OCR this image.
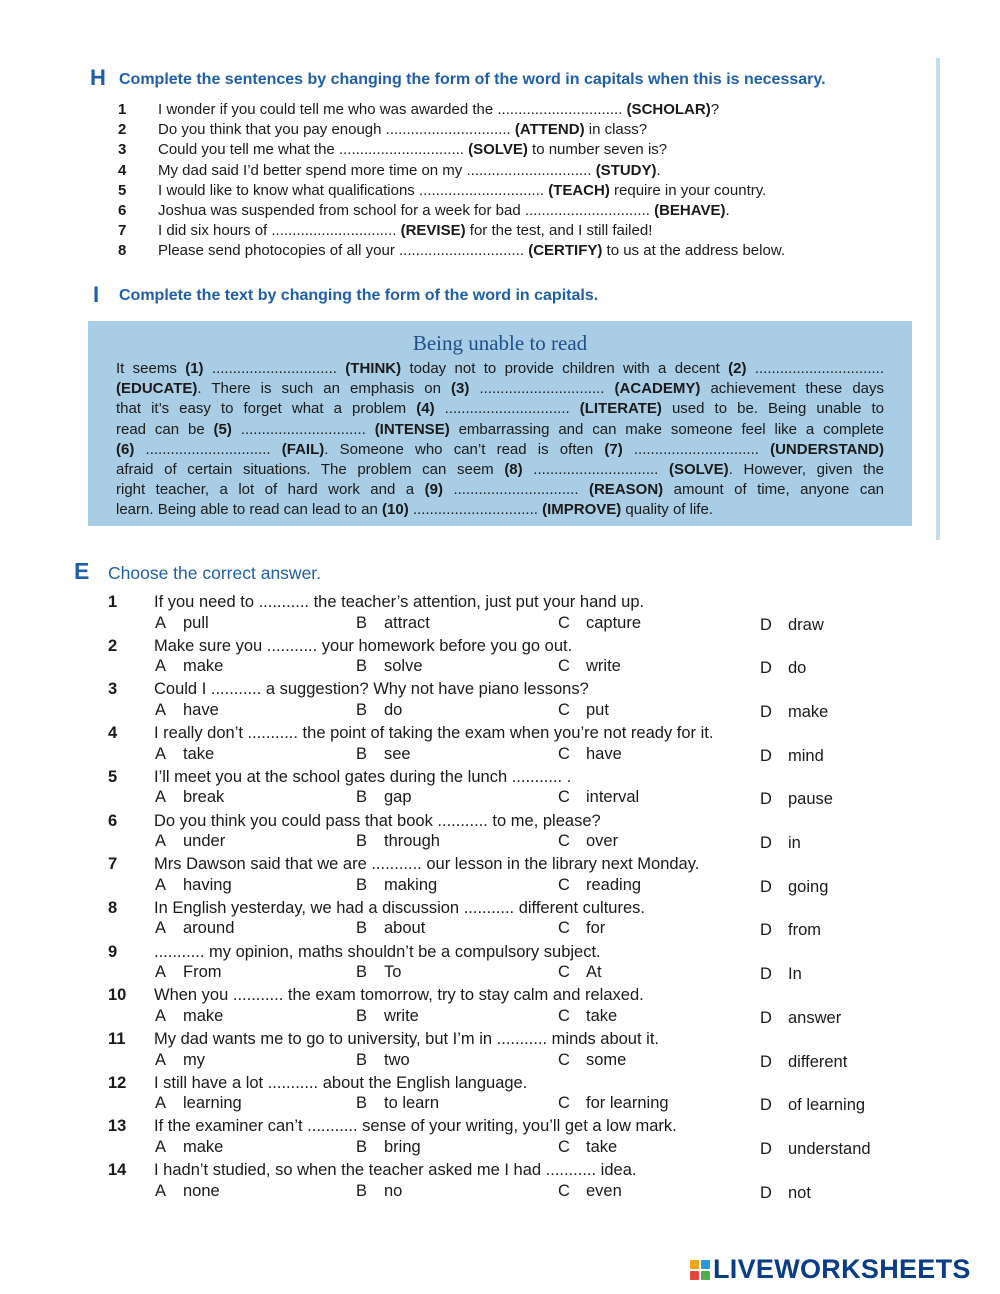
H Complete the sentences by changing the form of the word in capitals when this is necessary.
1 I wonder if you could tell me who was awarded the .............................. (SCHOLAR)?
2 Do you think that you pay enough .............................. (ATTEND) in class?
3 Could you tell me what the .............................. (SOLVE) to number seven is?
4 My dad said I’d better spend more time on my .............................. (STUDY).
5 I would like to know what qualifications .............................. (TEACH) require in your country.
6 Joshua was suspended from school for a week for bad .............................. (BEHAVE).
7 I did six hours of .............................. (REVISE) for the test, and I still failed!
8 Please send photocopies of all your .............................. (CERTIFY) to us at the address below.
I Complete the text by changing the form of the word in capitals.
Being unable to read
It seems (1) .............................. (THINK) today not to provide children with a decent (2) ...............................
(EDUCATE). There is such an emphasis on (3) .............................. (ACADEMY) achievement these days
that it’s easy to forget what a problem (4) .............................. (LITERATE) used to be. Being unable to
read can be (5) .............................. (INTENSE) embarrassing and can make someone feel like a complete
(6) .............................. (FAIL). Someone who can’t read is often (7) .............................. (UNDERSTAND)
afraid of certain situations. The problem can seem (8) .............................. (SOLVE). However, given the
right teacher, a lot of hard work and a (9) .............................. (REASON) amount of time, anyone can
learn. Being able to read can lead to an (10) .............................. (IMPROVE) quality of life.
E Choose the correct answer.
1 If you need to ........... the teacher’s attention, just put your hand up.
A pull	B attract	C capture	D draw
2 Make sure you ........... your homework before you go out.
A make	B solve	C write	D do
3 Could I ........... a suggestion? Why not have piano lessons?
A have	B do	C put	D make
4 I really don’t ........... the point of taking the exam when you’re not ready for it.
A take	B see	C have	D mind
5 I’ll meet you at the school gates during the lunch ........... .
A break	B gap	C interval	D pause
6 Do you think you could pass that book ........... to me, please?
A under	B through	C over	D in
7 Mrs Dawson said that we are ........... our lesson in the library next Monday.
A having	B making	C reading	D going
8 In English yesterday, we had a discussion ........... different cultures.
A around	B about	C for	D from
9 ........... my opinion, maths shouldn’t be a compulsory subject.
A From	B To	C At	D In
10 When you ........... the exam tomorrow, try to stay calm and relaxed.
A make	B write	C take	D answer
11 My dad wants me to go to university, but I’m in ........... minds about it.
A my	B two	C some	D different
12 I still have a lot ........... about the English language.
A learning	B to learn	C for learning	D of learning
13 If the examiner can’t ........... sense of your writing, you’ll get a low mark.
A make	B bring	C take	D understand
14 I hadn’t studied, so when the teacher asked me I had ........... idea.
A none	B no	C even	D not
LIVEWORKSHEETS
